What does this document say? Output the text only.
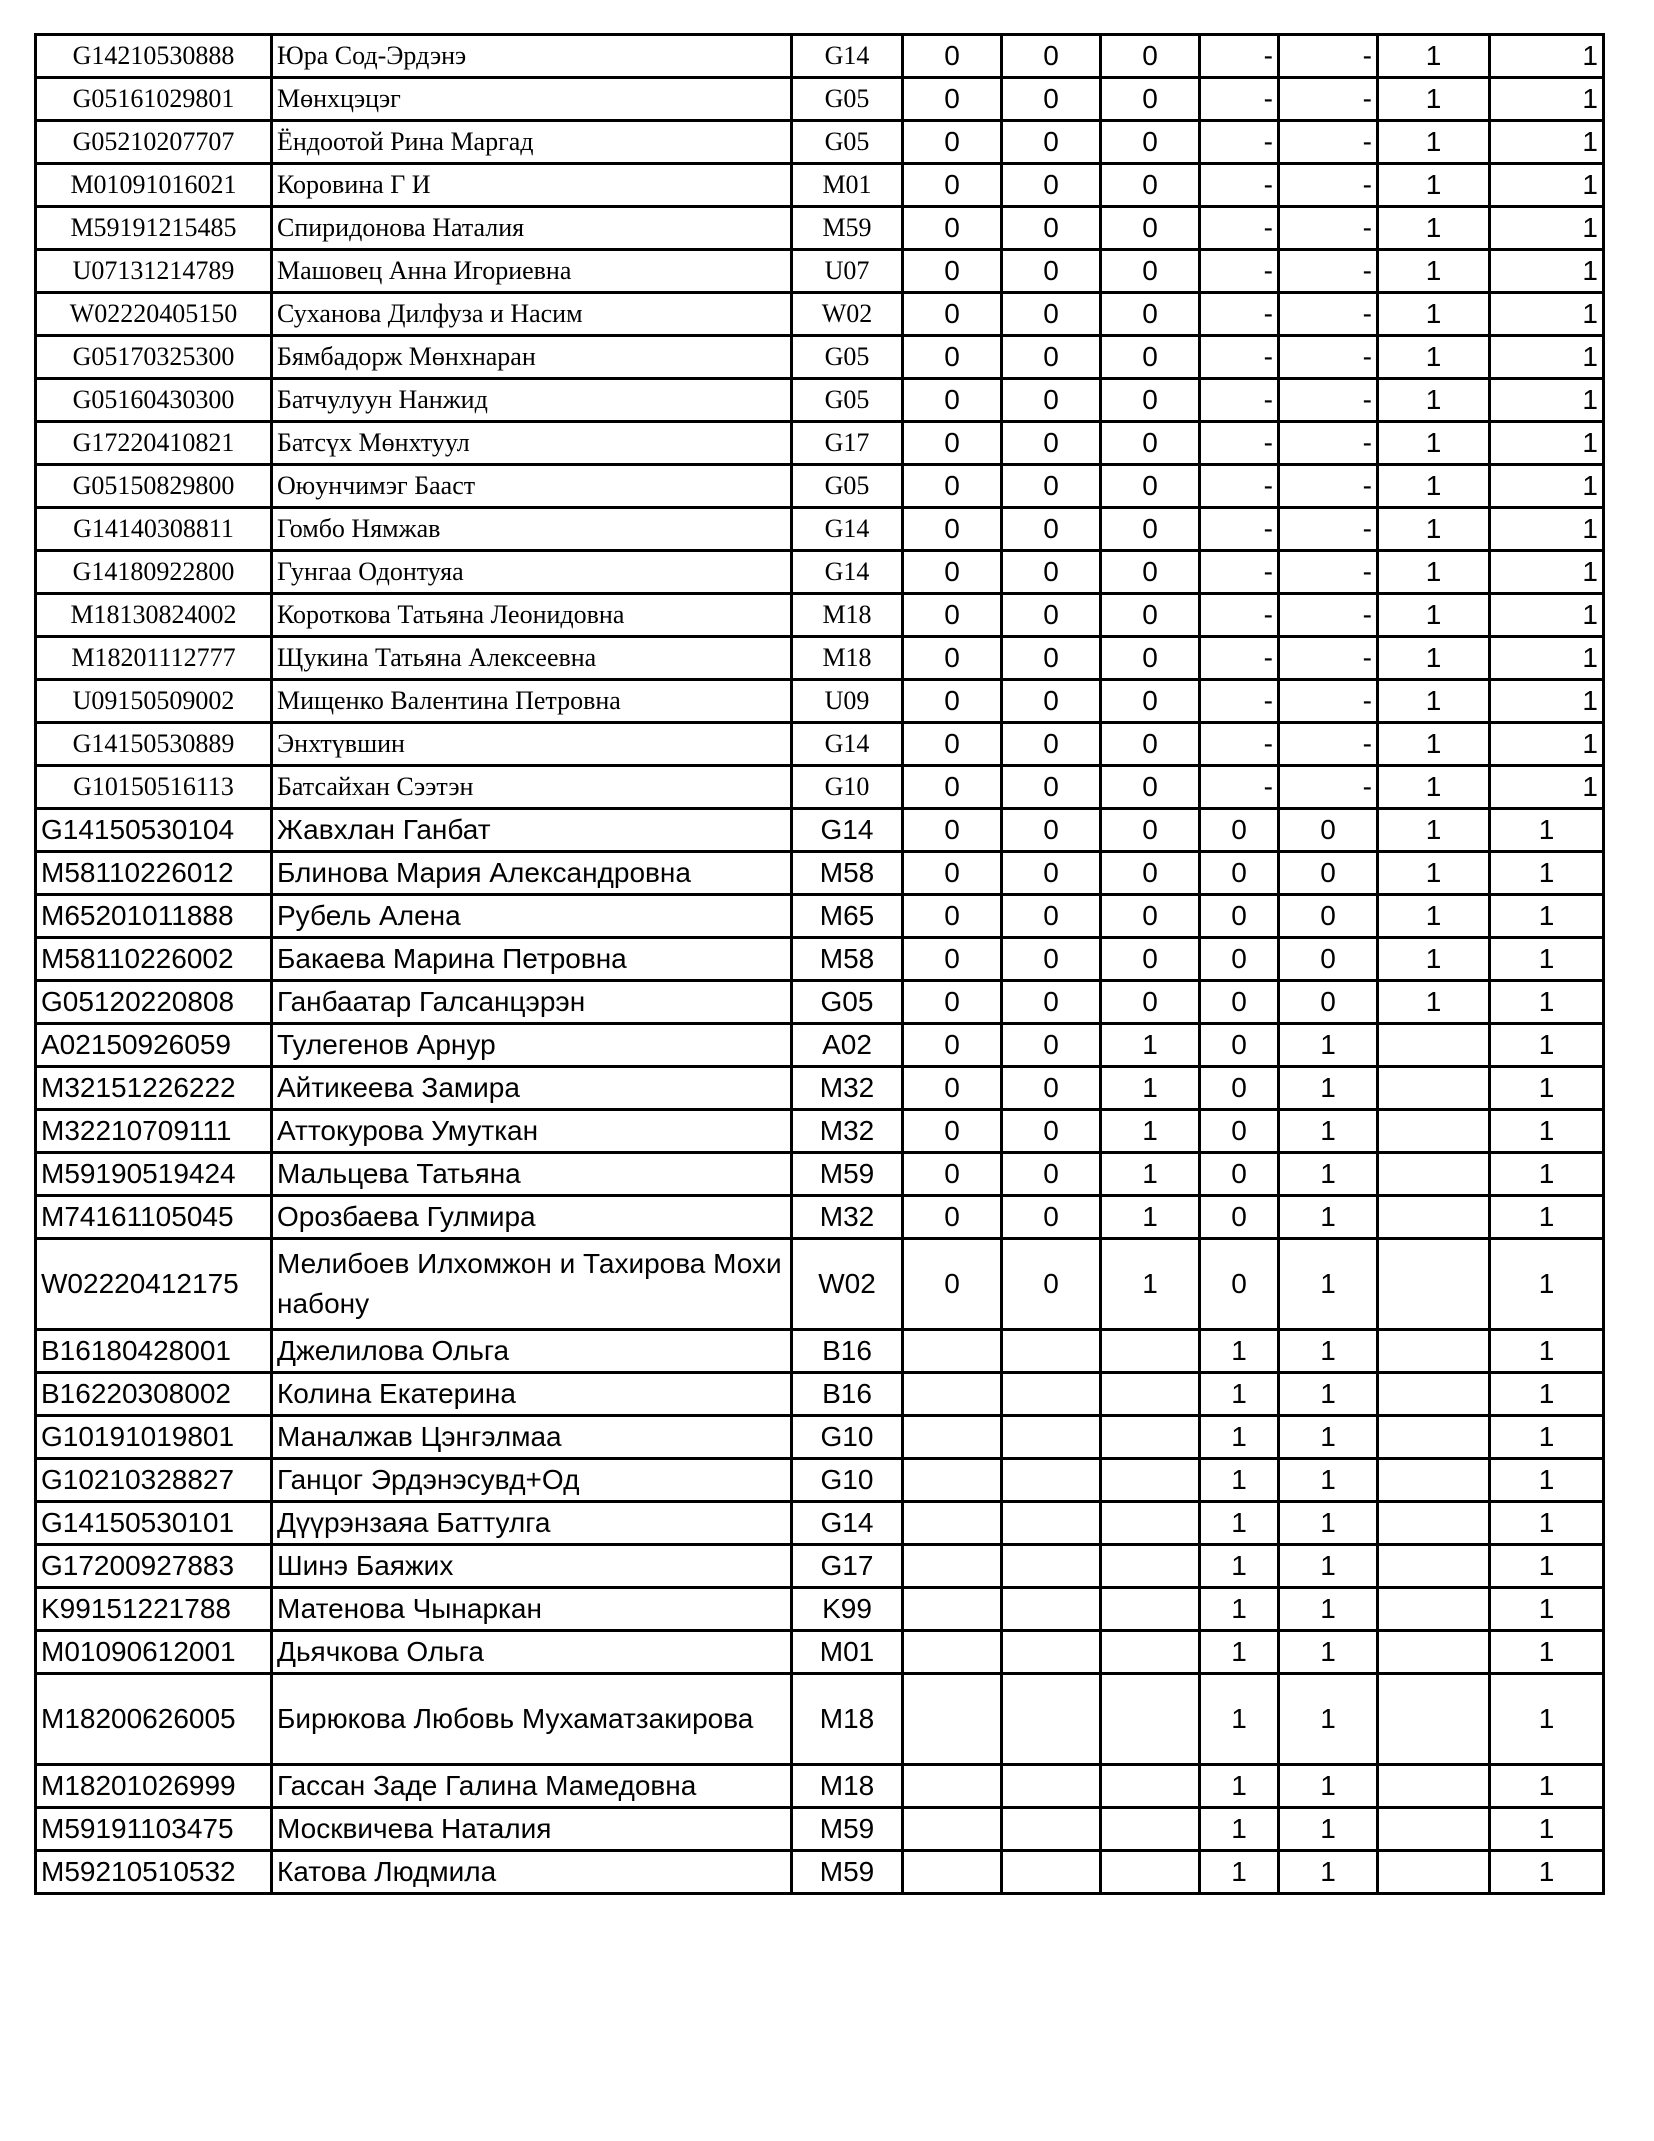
G14210530888	Юра Сод-Эрдэнэ	G14	0	0	0	-	-	1	1
G05161029801	Мөнхцэцэг	G05	0	0	0	-	-	1	1
G05210207707	Ёндоотой Рина Маргад	G05	0	0	0	-	-	1	1
M01091016021	Коровина Г И	M01	0	0	0	-	-	1	1
M59191215485	Спиридонова Наталия	M59	0	0	0	-	-	1	1
U07131214789	Машовец Анна Игориевна	U07	0	0	0	-	-	1	1
W02220405150	Суханова Дилфуза и Насим	W02	0	0	0	-	-	1	1
G05170325300	Бямбадорж Мөнхнаран	G05	0	0	0	-	-	1	1
G05160430300	Батчулуун Нанжид	G05	0	0	0	-	-	1	1
G17220410821	Батсүх Мөнхтуул	G17	0	0	0	-	-	1	1
G05150829800	Оюунчимэг Бааст	G05	0	0	0	-	-	1	1
G14140308811	Гомбо Нямжав	G14	0	0	0	-	-	1	1
G14180922800	Гунгаа Одонтуяа	G14	0	0	0	-	-	1	1
M18130824002	Короткова Татьяна Леонидовна	M18	0	0	0	-	-	1	1
M18201112777	Щукина Татьяна Алексеевна	M18	0	0	0	-	-	1	1
U09150509002	Мищенко Валентина Петровна	U09	0	0	0	-	-	1	1
G14150530889	Энхтүвшин	G14	0	0	0	-	-	1	1
G10150516113	Батсайхан Сээтэн	G10	0	0	0	-	-	1	1
G14150530104	Жавхлан Ганбат	G14	0	0	0	0	0	1	1
M58110226012	Блинова Мария Александровна	M58	0	0	0	0	0	1	1
M65201011888	Рубель Алена	M65	0	0	0	0	0	1	1
M58110226002	Бакаева Марина Петровна	M58	0	0	0	0	0	1	1
G05120220808	Ганбаатар Галсанцэрэн	G05	0	0	0	0	0	1	1
A02150926059	Тулегенов Арнур	A02	0	0	1	0	1		1
M32151226222	Айтикеева Замира	M32	0	0	1	0	1		1
M32210709111	Аттокурова Умуткан	M32	0	0	1	0	1		1
M59190519424	Мальцева Татьяна	M59	0	0	1	0	1		1
M74161105045	Орозбаева Гулмира	M32	0	0	1	0	1		1
W02220412175	Мелибоев Илхомжон и Тахирова Мохинабону	W02	0	0	1	0	1		1
B16180428001	Джелилова Ольга	B16				1	1		1
B16220308002	Колина Екатерина	B16				1	1		1
G10191019801	Маналжав Цэнгэлмаа	G10				1	1		1
G10210328827	Ганцог Эрдэнэсувд+Од	G10				1	1		1
G14150530101	Дүүрэнзаяа Баттулга	G14				1	1		1
G17200927883	Шинэ Баяжих	G17				1	1		1
K99151221788	Матенова Чынаркан	K99				1	1		1
M01090612001	Дьячкова Ольга	M01				1	1		1
M18200626005	Бирюкова Любовь Мухаматзакирова	M18				1	1		1
M18201026999	Гассан Заде Галина Мамедовна	M18				1	1		1
M59191103475	Москвичева Наталия	M59				1	1		1
M59210510532	Катова Людмила	M59				1	1		1
